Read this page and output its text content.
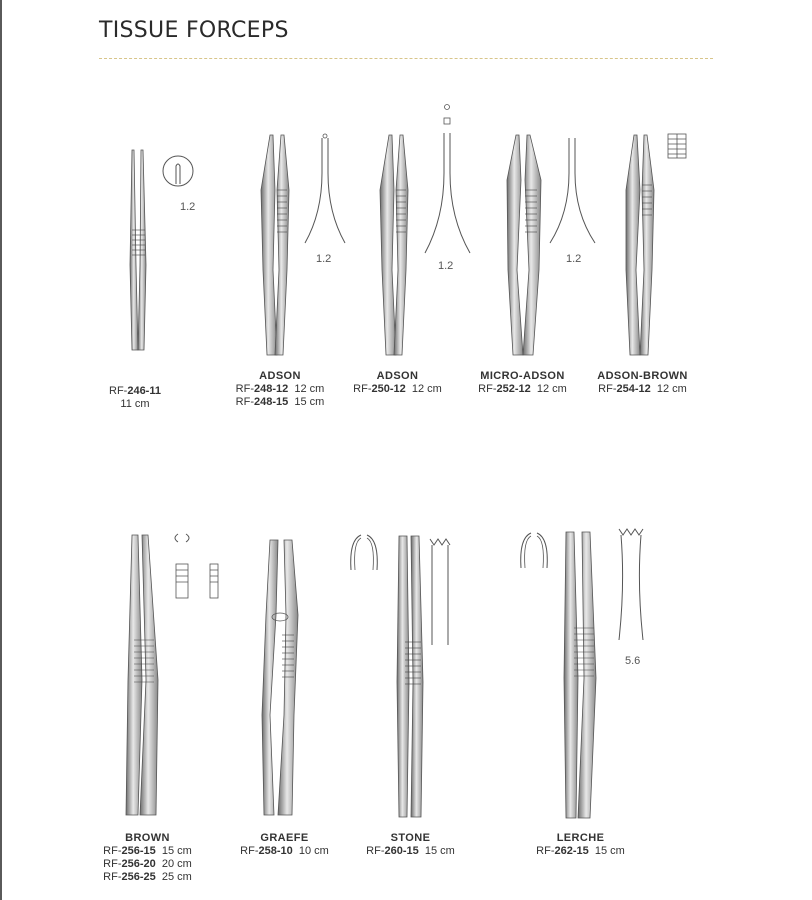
TISSUE FORCEPS
1.2
RF-246-11
11 cm
1.2
ADSON
RF-248-12 12 cm
RF-248-15 15 cm
1.2
ADSON
RF-250-12 12 cm
1.2
MICRO-ADSON
RF-252-12 12 cm
ADSON-BROWN
RF-254-12 12 cm
BROWN
RF-256-15 15 cm
RF-256-20 20 cm
RF-256-25 25 cm
GRAEFE
RF-258-10 10 cm
STONE
RF-260-15 15 cm
5.6
LERCHE
RF-262-15 15 cm
